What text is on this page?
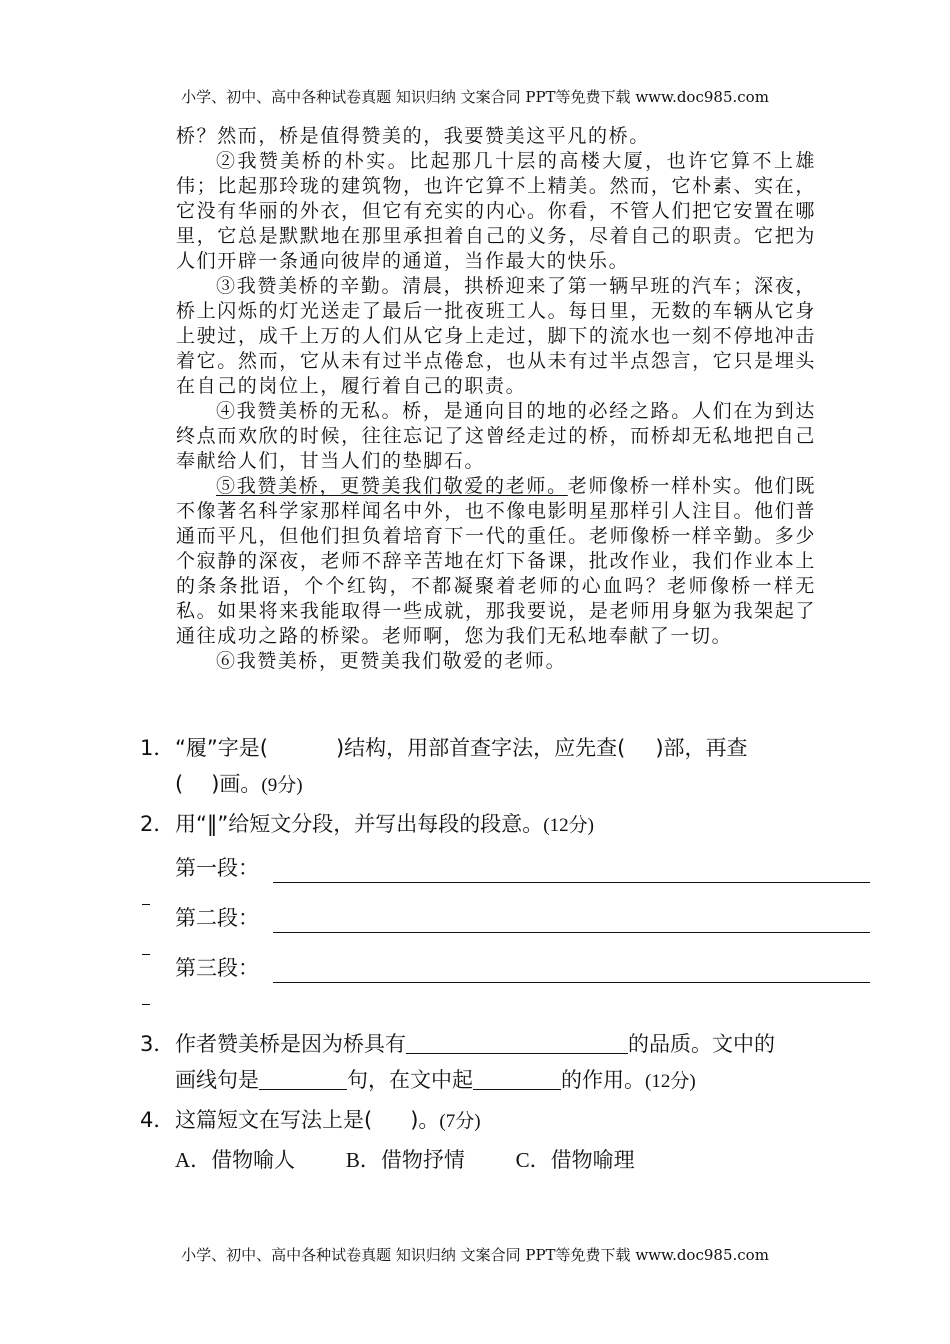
小学、初中、高中各种试卷真题 知识归纳 文案合同 PPT等免费下载 www.doc985.com

桥？然而，桥是值得赞美的，我要赞美这平凡的桥。

②我赞美桥的朴实。比起那几十层的高楼大厦，也许它算不上雄伟；比起那玲珑的建筑物，也许它算不上精美。然而，它朴素、实在，它没有华丽的外衣，但它有充实的内心。你看，不管人们把它安置在哪里，它总是默默地在那里承担着自己的义务，尽着自己的职责。它把为人们开辟一条通向彼岸的通道，当作最大的快乐。

③我赞美桥的辛勤。清晨，拱桥迎来了第一辆早班的汽车；深夜，桥上闪烁的灯光送走了最后一批夜班工人。每日里，无数的车辆从它身上驶过，成千上万的人们从它身上走过，脚下的流水也一刻不停地冲击着它。然而，它从未有过半点倦怠，也从未有过半点怨言，它只是埋头在自己的岗位上，履行着自己的职责。

④我赞美桥的无私。桥，是通向目的地的必经之路。人们在为到达终点而欢欣的时候，往往忘记了这曾经走过的桥，而桥却无私地把自己奉献给人们，甘当人们的垫脚石。

⑤我赞美桥，更赞美我们敬爱的老师。老师像桥一样朴实。他们既不像著名科学家那样闻名中外，也不像电影明星那样引人注目。他们普通而平凡，但他们担负着培育下一代的重任。老师像桥一样辛勤。多少个寂静的深夜，老师不辞辛苦地在灯下备课，批改作业，我们作业本上的条条批语，个个红钩，不都凝聚着老师的心血吗？老师像桥一样无私。如果将来我能取得一些成就，那我要说，是老师用身躯为我架起了通往成功之路的桥梁。老师啊，您为我们无私地奉献了一切。

⑥我赞美桥，更赞美我们敬爱的老师。

1． “履”字是(	)结构，用部首查字法，应先查( )部，再查
( )画。(9分)
2． 用“‖”给短文分段，并写出每段的段意。(12分)
第一段：
第二段：
第三段：
3． 作者赞美桥是因为桥具有	的品质。文中的
画线句是	句，在文中起	的作用。(12分)
4． 这篇短文在写法上是( )。(7分)
A．借物喻人 B．借物抒情 C．借物喻理
小学、初中、高中各种试卷真题 知识归纳 文案合同 PPT等免费下载 www.doc985.com
